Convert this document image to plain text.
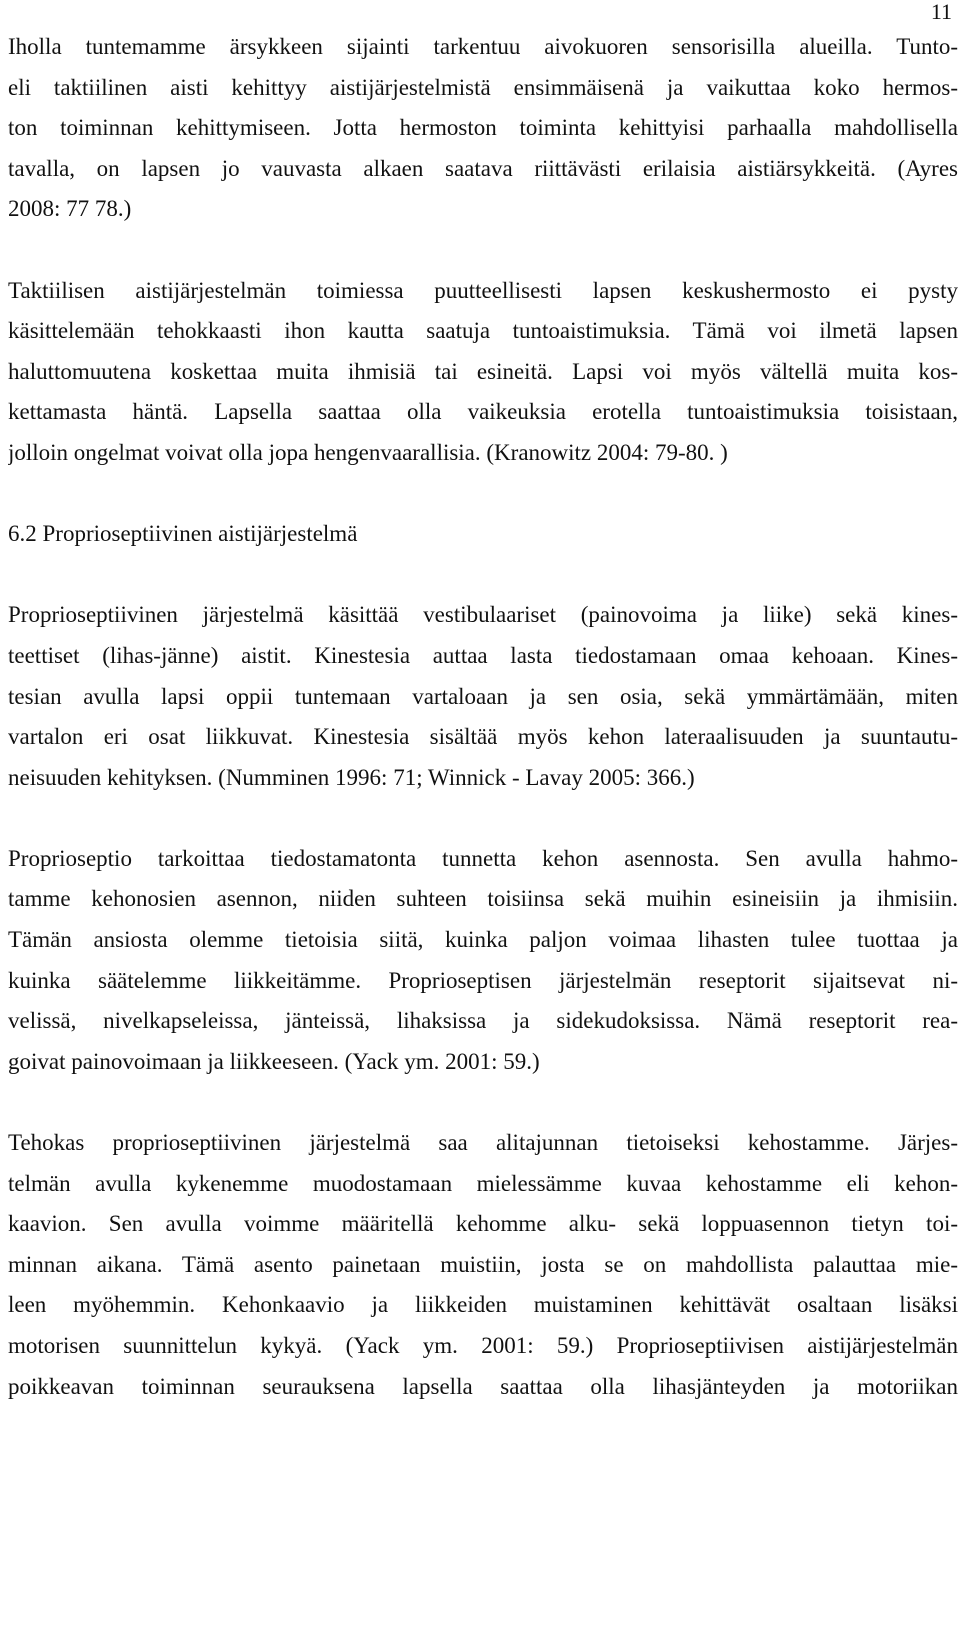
11
Iholla tuntemamme ärsykkeen sijainti tarkentuu aivokuoren sensorisilla alueilla. Tunto-
eli taktiilinen aisti kehittyy aistijärjestelmistä ensimmäisenä ja vaikuttaa koko hermos-
ton toiminnan kehittymiseen. Jotta hermoston toiminta kehittyisi parhaalla mahdollisella
tavalla, on lapsen jo vauvasta alkaen saatava riittävästi erilaisia aistiärsykkeitä. (Ayres
2008: 77 78.)
Taktiilisen aistijärjestelmän toimiessa puutteellisesti lapsen keskushermosto ei pysty
käsittelemään tehokkaasti ihon kautta saatuja tuntoaistimuksia. Tämä voi ilmetä lapsen
haluttomuutena koskettaa muita ihmisiä tai esineitä. Lapsi voi myös vältellä muita kos-
kettamasta häntä. Lapsella saattaa olla vaikeuksia erotella tuntoaistimuksia toisistaan,
jolloin ongelmat voivat olla jopa hengenvaarallisia. (Kranowitz 2004: 79-80. )
6.2 Proprioseptiivinen aistijärjestelmä
Proprioseptiivinen järjestelmä käsittää vestibulaariset (painovoima ja liike) sekä kines-
teettiset (lihas-jänne) aistit. Kinestesia auttaa lasta tiedostamaan omaa kehoaan. Kines-
tesian avulla lapsi oppii tuntemaan vartaloaan ja sen osia, sekä ymmärtämään, miten
vartalon eri osat liikkuvat. Kinestesia sisältää myös kehon lateraalisuuden ja suuntautu-
neisuuden kehityksen. (Numminen 1996: 71; Winnick - Lavay 2005: 366.)
Proprioseptio tarkoittaa tiedostamatonta tunnetta kehon asennosta. Sen avulla hahmo-
tamme kehonosien asennon, niiden suhteen toisiinsa sekä muihin esineisiin ja ihmisiin.
Tämän ansiosta olemme tietoisia siitä, kuinka paljon voimaa lihasten tulee tuottaa ja
kuinka säätelemme liikkeitämme. Proprioseptisen järjestelmän reseptorit sijaitsevat ni-
velissä, nivelkapseleissa, jänteissä, lihaksissa ja sidekudoksissa. Nämä reseptorit rea-
goivat painovoimaan ja liikkeeseen. (Yack ym. 2001: 59.)
Tehokas proprioseptiivinen järjestelmä saa alitajunnan tietoiseksi kehostamme. Järjes-
telmän avulla kykenemme muodostamaan mielessämme kuvaa kehostamme eli kehon-
kaavion. Sen avulla voimme määritellä kehomme alku- sekä loppuasennon tietyn toi-
minnan aikana. Tämä asento painetaan muistiin, josta se on mahdollista palauttaa mie-
leen myöhemmin. Kehonkaavio ja liikkeiden muistaminen kehittävät osaltaan lisäksi
motorisen suunnittelun kykyä. (Yack ym. 2001: 59.) Proprioseptiivisen aistijärjestelmän
poikkeavan toiminnan seurauksena lapsella saattaa olla lihasjänteyden ja motoriikan
